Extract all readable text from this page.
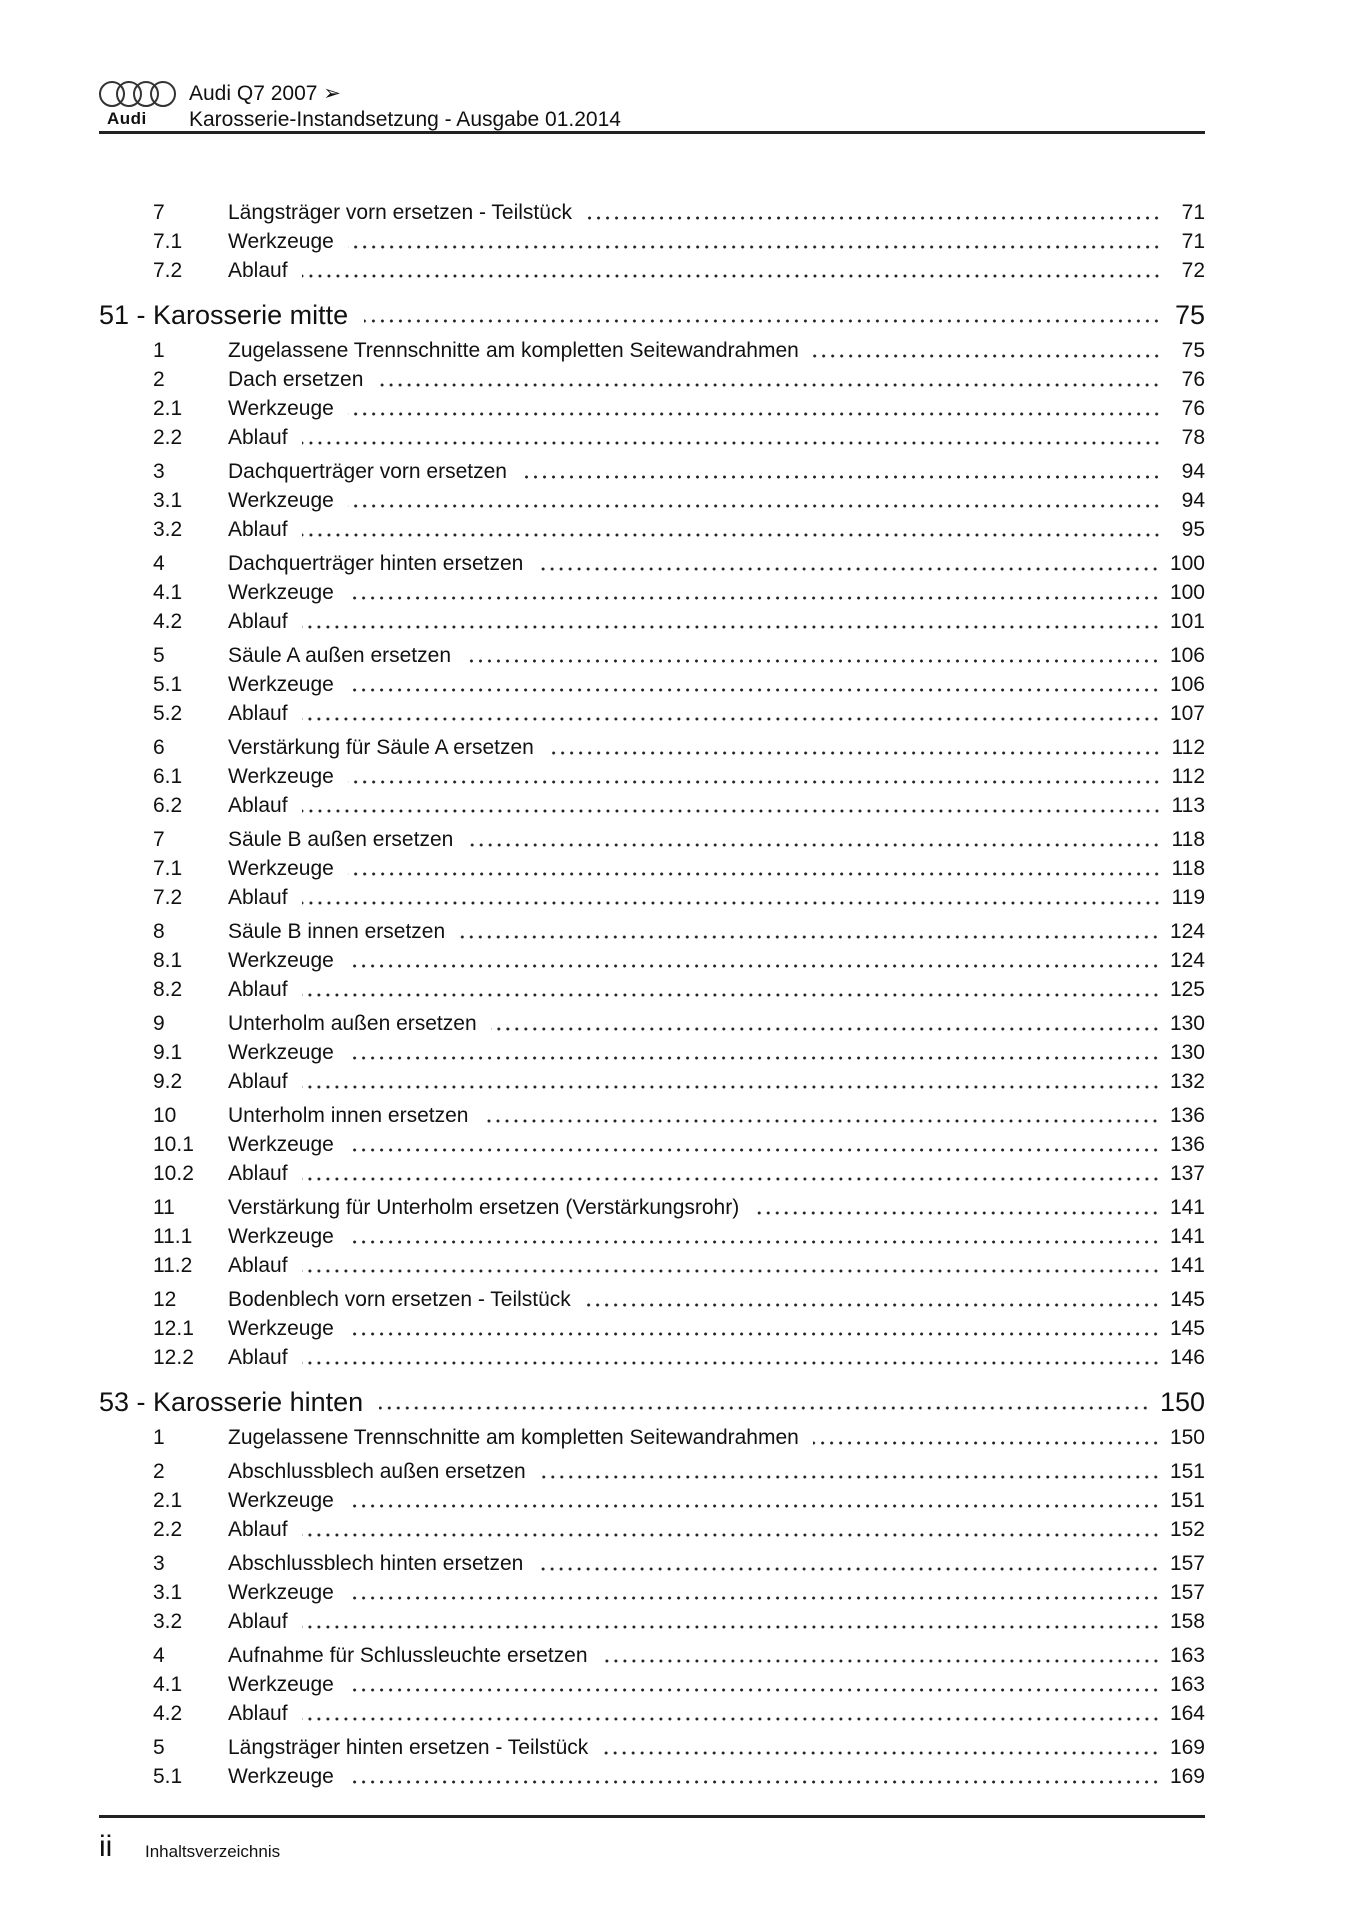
Audi
Audi Q7 2007 ➢
Karosserie-Instandsetzung - Ausgabe 01.2014
7	Längsträger vorn ersetzen - Teilstück	71
7.1	Werkzeuge	71
7.2	Ablauf	72
51 - Karosserie mitte	75
1	Zugelassene Trennschnitte am kompletten Seitewandrahmen	75
2	Dach ersetzen	76
2.1	Werkzeuge	76
2.2	Ablauf	78
3	Dachquerträger vorn ersetzen	94
3.1	Werkzeuge	94
3.2	Ablauf	95
4	Dachquerträger hinten ersetzen	100
4.1	Werkzeuge	100
4.2	Ablauf	101
5	Säule A außen ersetzen	106
5.1	Werkzeuge	106
5.2	Ablauf	107
6	Verstärkung für Säule A ersetzen	112
6.1	Werkzeuge	112
6.2	Ablauf	113
7	Säule B außen ersetzen	118
7.1	Werkzeuge	118
7.2	Ablauf	119
8	Säule B innen ersetzen	124
8.1	Werkzeuge	124
8.2	Ablauf	125
9	Unterholm außen ersetzen	130
9.1	Werkzeuge	130
9.2	Ablauf	132
10	Unterholm innen ersetzen	136
10.1	Werkzeuge	136
10.2	Ablauf	137
11	Verstärkung für Unterholm ersetzen (Verstärkungsrohr)	141
11.1	Werkzeuge	141
11.2	Ablauf	141
12	Bodenblech vorn ersetzen - Teilstück	145
12.1	Werkzeuge	145
12.2	Ablauf	146
53 - Karosserie hinten	150
1	Zugelassene Trennschnitte am kompletten Seitewandrahmen	150
2	Abschlussblech außen ersetzen	151
2.1	Werkzeuge	151
2.2	Ablauf	152
3	Abschlussblech hinten ersetzen	157
3.1	Werkzeuge	157
3.2	Ablauf	158
4	Aufnahme für Schlussleuchte ersetzen	163
4.1	Werkzeuge	163
4.2	Ablauf	164
5	Längsträger hinten ersetzen - Teilstück	169
5.1	Werkzeuge	169
ii Inhaltsverzeichnis
